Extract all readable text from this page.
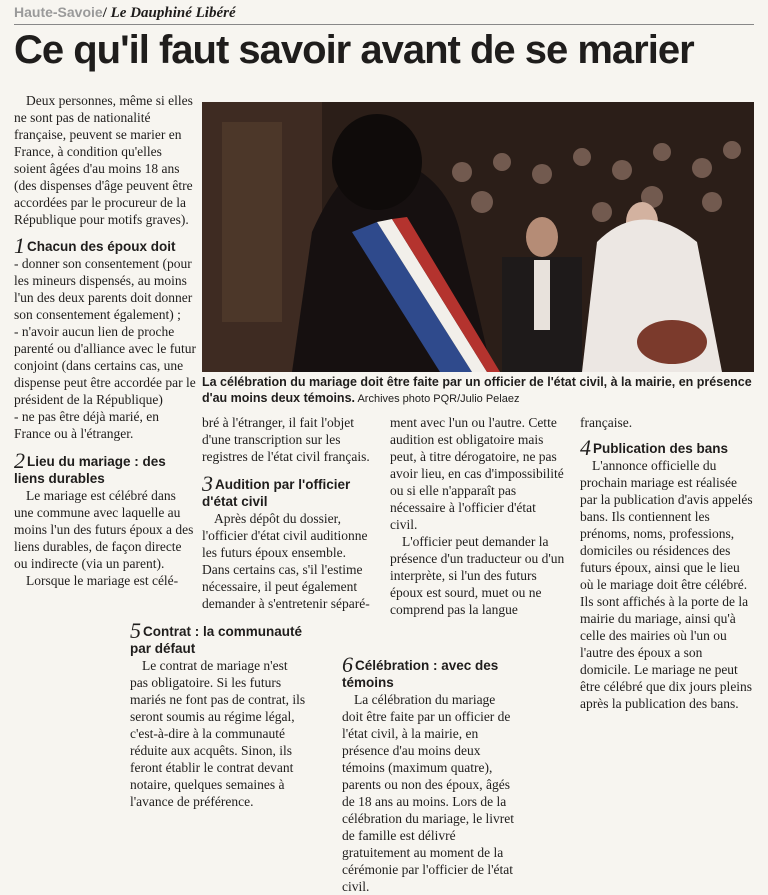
Haute-Savoie/ Le Dauphiné Libéré
Ce qu'il faut savoir avant de se marier

Deux personnes, même si elles ne sont pas de nationalité française, peuvent se marier en France, à condition qu'elles soient âgées d'au moins 18 ans (des dispenses d'âge peuvent être accordées par le procureur de la République pour motifs graves).

1 Chacun des époux doit

- donner son consentement (pour les mineurs dispensés, au moins l'un des deux parents doit donner son consentement également) ;

- n'avoir aucun lien de proche parenté ou d'alliance avec le futur conjoint (dans certains cas, une dispense peut être accordée par le président de la République)

- ne pas être déjà marié, en France ou à l'étranger.

La célébration du mariage doit être faite par un officier de l'état civil, à la mairie, en présence d'au moins deux témoins. Archives photo PQR/Julio Pelaez
2 Lieu du mariage : des liens durables

Le mariage est célébré dans une commune avec laquelle au moins l'un des futurs époux a des liens durables, de façon directe ou indirecte (via un parent).

Lorsque le mariage est célé-

bré à l'étranger, il fait l'objet d'une transcription sur les registres de l'état civil français.

3 Audition par l'officier d'état civil

Après dépôt du dossier, l'officier d'état civil auditionne les futurs époux ensemble. Dans certains cas, s'il l'estime nécessaire, il peut également demander à s'entretenir séparé-

ment avec l'un ou l'autre. Cette audition est obligatoire mais peut, à titre dérogatoire, ne pas avoir lieu, en cas d'impossibilité ou si elle n'apparaît pas nécessaire à l'officier d'état civil.

L'officier peut demander la présence d'un traducteur ou d'un interprète, si l'un des futurs époux est sourd, muet ou ne comprend pas la langue

française.

4 Publication des bans

L'annonce officielle du prochain mariage est réalisée par la publication d'avis appelés bans. Ils contiennent les prénoms, noms, professions, domiciles ou résidences des futurs époux, ainsi que le lieu où le mariage doit être célébré. Ils sont affichés à la porte de la mairie du mariage, ainsi qu'à celle des mairies où l'un ou l'autre des époux a son domicile. Le mariage ne peut être célébré que dix jours pleins après la publication des bans.

5 Contrat : la communauté par défaut

Le contrat de mariage n'est pas obligatoire. Si les futurs mariés ne font pas de contrat, ils seront soumis au régime légal, c'est-à-dire à la communauté réduite aux acquêts. Sinon, ils feront établir le contrat devant notaire, quelques semaines à l'avance de préférence.

6 Célébration : avec des témoins

La célébration du mariage doit être faite par un officier de l'état civil, à la mairie, en présence d'au moins deux témoins (maximum quatre), parents ou non des époux, âgés de 18 ans au moins. Lors de la célébration du mariage, le livret de famille est délivré gratuitement au moment de la cérémonie par l'officier de l'état civil.
